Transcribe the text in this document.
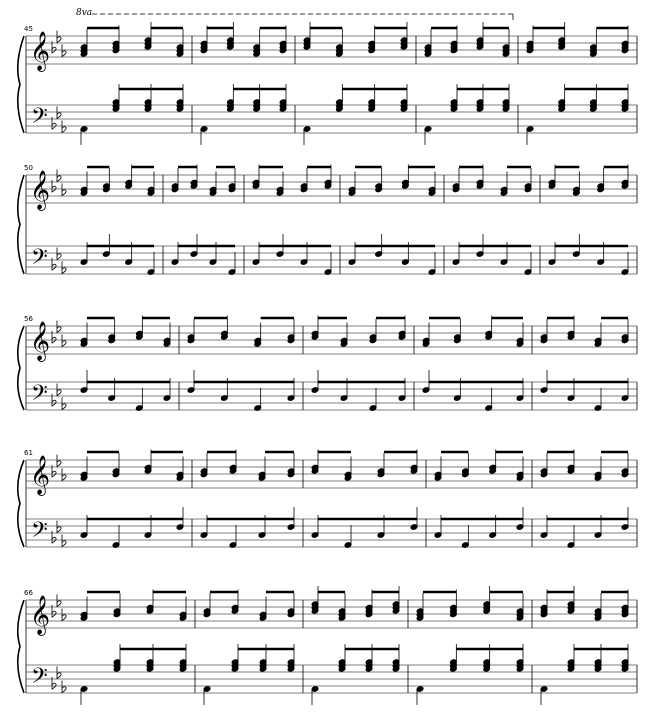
8va
𝄞
𝄢
45
𝄞
𝄢
50
𝄞
𝄢
56
𝄞
𝄢
61
𝄞
𝄢
66
